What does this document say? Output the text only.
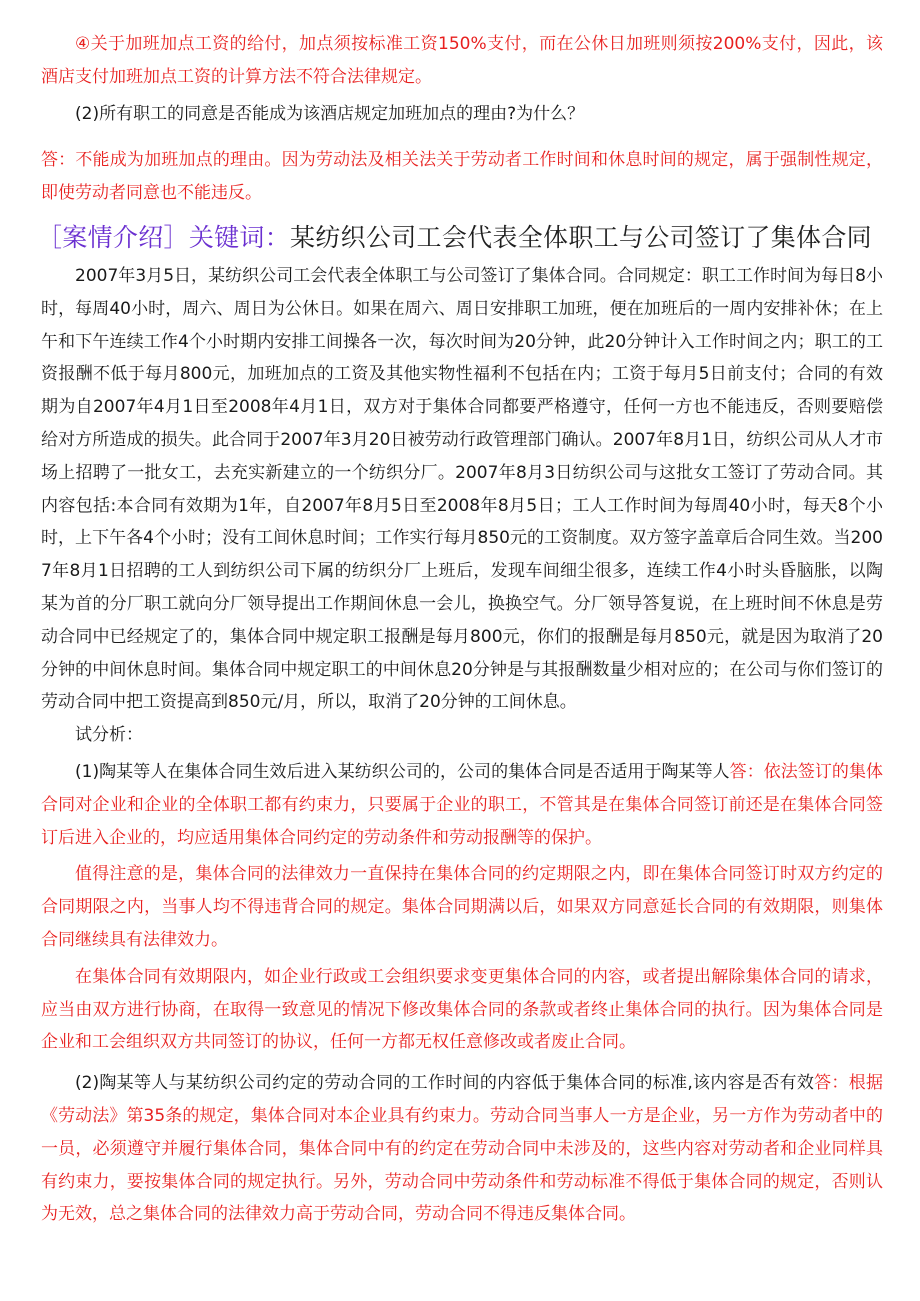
④关于加班加点工资的给付，加点须按标准工资150%支付，而在公休日加班则须按200%支付，因此，该酒店支付加班加点工资的计算方法不符合法律规定。

(2)所有职工的同意是否能成为该酒店规定加班加点的理由?为什么？

答：不能成为加班加点的理由。因为劳动法及相关法关于劳动者工作时间和休息时间的规定，属于强制性规定，即使劳动者同意也不能违反。

［案情介绍］关键词：某纺织公司工会代表全体职工与公司签订了集体合同

2007年3月5日，某纺织公司工会代表全体职工与公司签订了集体合同。合同规定：职工工作时间为每日8小时，每周40小时，周六、周日为公休日。如果在周六、周日安排职工加班，便在加班后的一周内安排补休；在上午和下午连续工作4个小时期内安排工间操各一次，每次时间为20分钟，此20分钟计入工作时间之内；职工的工资报酬不低于每月800元，加班加点的工资及其他实物性福利不包括在内；工资于每月5日前支付；合同的有效期为自2007年4月1日至2008年4月1日，双方对于集体合同都要严格遵守，任何一方也不能违反，否则要赔偿给对方所造成的损失。此合同于2007年3月20日被劳动行政管理部门确认。2007年8月1日，纺织公司从人才市场上招聘了一批女工，去充实新建立的一个纺织分厂。2007年8月3日纺织公司与这批女工签订了劳动合同。其内容包括:本合同有效期为1年，自2007年8月5日至2008年8月5日；工人工作时间为每周40小时，每天8个小时，上下午各4个小时；没有工间休息时间；工作实行每月850元的工资制度。双方签字盖章后合同生效。当2007年8月1日招聘的工人到纺织公司下属的纺织分厂上班后，发现车间细尘很多，连续工作4小时头昏脑胀，以陶某为首的分厂职工就向分厂领导提出工作期间休息一会儿，换换空气。分厂领导答复说，在上班时间不休息是劳动合同中已经规定了的，集体合同中规定职工报酬是每月800元，你们的报酬是每月850元，就是因为取消了20分钟的中间休息时间。集体合同中规定职工的中间休息20分钟是与其报酬数量少相对应的；在公司与你们签订的劳动合同中把工资提高到850元/月，所以，取消了20分钟的工间休息。

试分析：

(1)陶某等人在集体合同生效后进入某纺织公司的，公司的集体合同是否适用于陶某等人答：依法签订的集体合同对企业和企业的全体职工都有约束力，只要属于企业的职工，不管其是在集体合同签订前还是在集体合同签订后进入企业的，均应适用集体合同约定的劳动条件和劳动报酬等的保护。

值得注意的是，集体合同的法律效力一直保持在集体合同的约定期限之内，即在集体合同签订时双方约定的合同期限之内，当事人均不得违背合同的规定。集体合同期满以后，如果双方同意延长合同的有效期限，则集体合同继续具有法律效力。

在集体合同有效期限内，如企业行政或工会组织要求变更集体合同的内容，或者提出解除集体合同的请求，应当由双方进行协商，在取得一致意见的情况下修改集体合同的条款或者终止集体合同的执行。因为集体合同是企业和工会组织双方共同签订的协议，任何一方都无权任意修改或者废止合同。

(2)陶某等人与某纺织公司约定的劳动合同的工作时间的内容低于集体合同的标准,该内容是否有效答：根据《劳动法》第35条的规定，集体合同对本企业具有约束力。劳动合同当事人一方是企业，另一方作为劳动者中的一员，必须遵守并履行集体合同，集体合同中有的约定在劳动合同中未涉及的，这些内容对劳动者和企业同样具有约束力，要按集体合同的规定执行。另外，劳动合同中劳动条件和劳动标准不得低于集体合同的规定，否则认为无效，总之集体合同的法律效力高于劳动合同，劳动合同不得违反集体合同。
